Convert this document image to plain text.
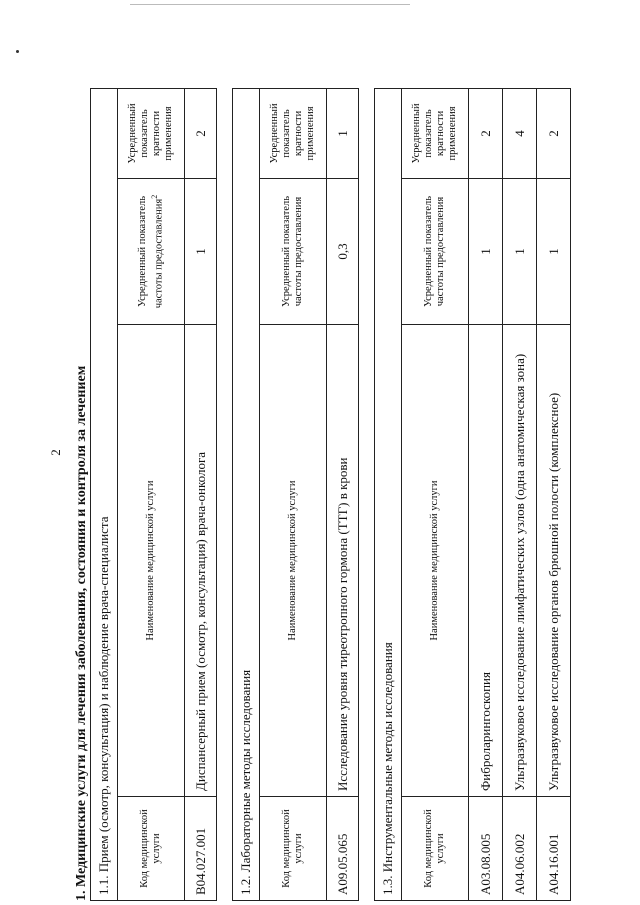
2 1. Медицинские услуги для лечения заболевания, состояния и контроля за лечением 1.1. Прием (осмотр, консультация) и наблюдение врача-специалиста			
Код медицинской услуги	Наименование медицинской услуги	Усредненный показатель частоты предоставления$^2$	Усредненный показатель кратности применения
B04.027.001	Диспансерный прием (осмотр, консультация) врача-онколога	1	2
1.2. Лабораторные методы исследования			
Код медицинской услуги	Наименование медицинской услуги	Усредненный показатель частоты предоставления	Усредненный показатель кратности применения
A09.05.065	Исследование уровня тиреотропного гормона (ТТГ) в крови	0,3	1
1.3. Инструментальные методы исследования			
Код медицинской услуги	Наименование медицинской услуги	Усредненный показатель частоты предоставления	Усредненный показатель кратности применения
A03.08.005	Фиброларингоскопия	1	2
A04.06.002	Ультразвуковое исследование лимфатических узлов (одна анатомическая зона)	1	4
A04.16.001	Ультразвуковое исследование органов брюшной полости (комплексное)	1	2
